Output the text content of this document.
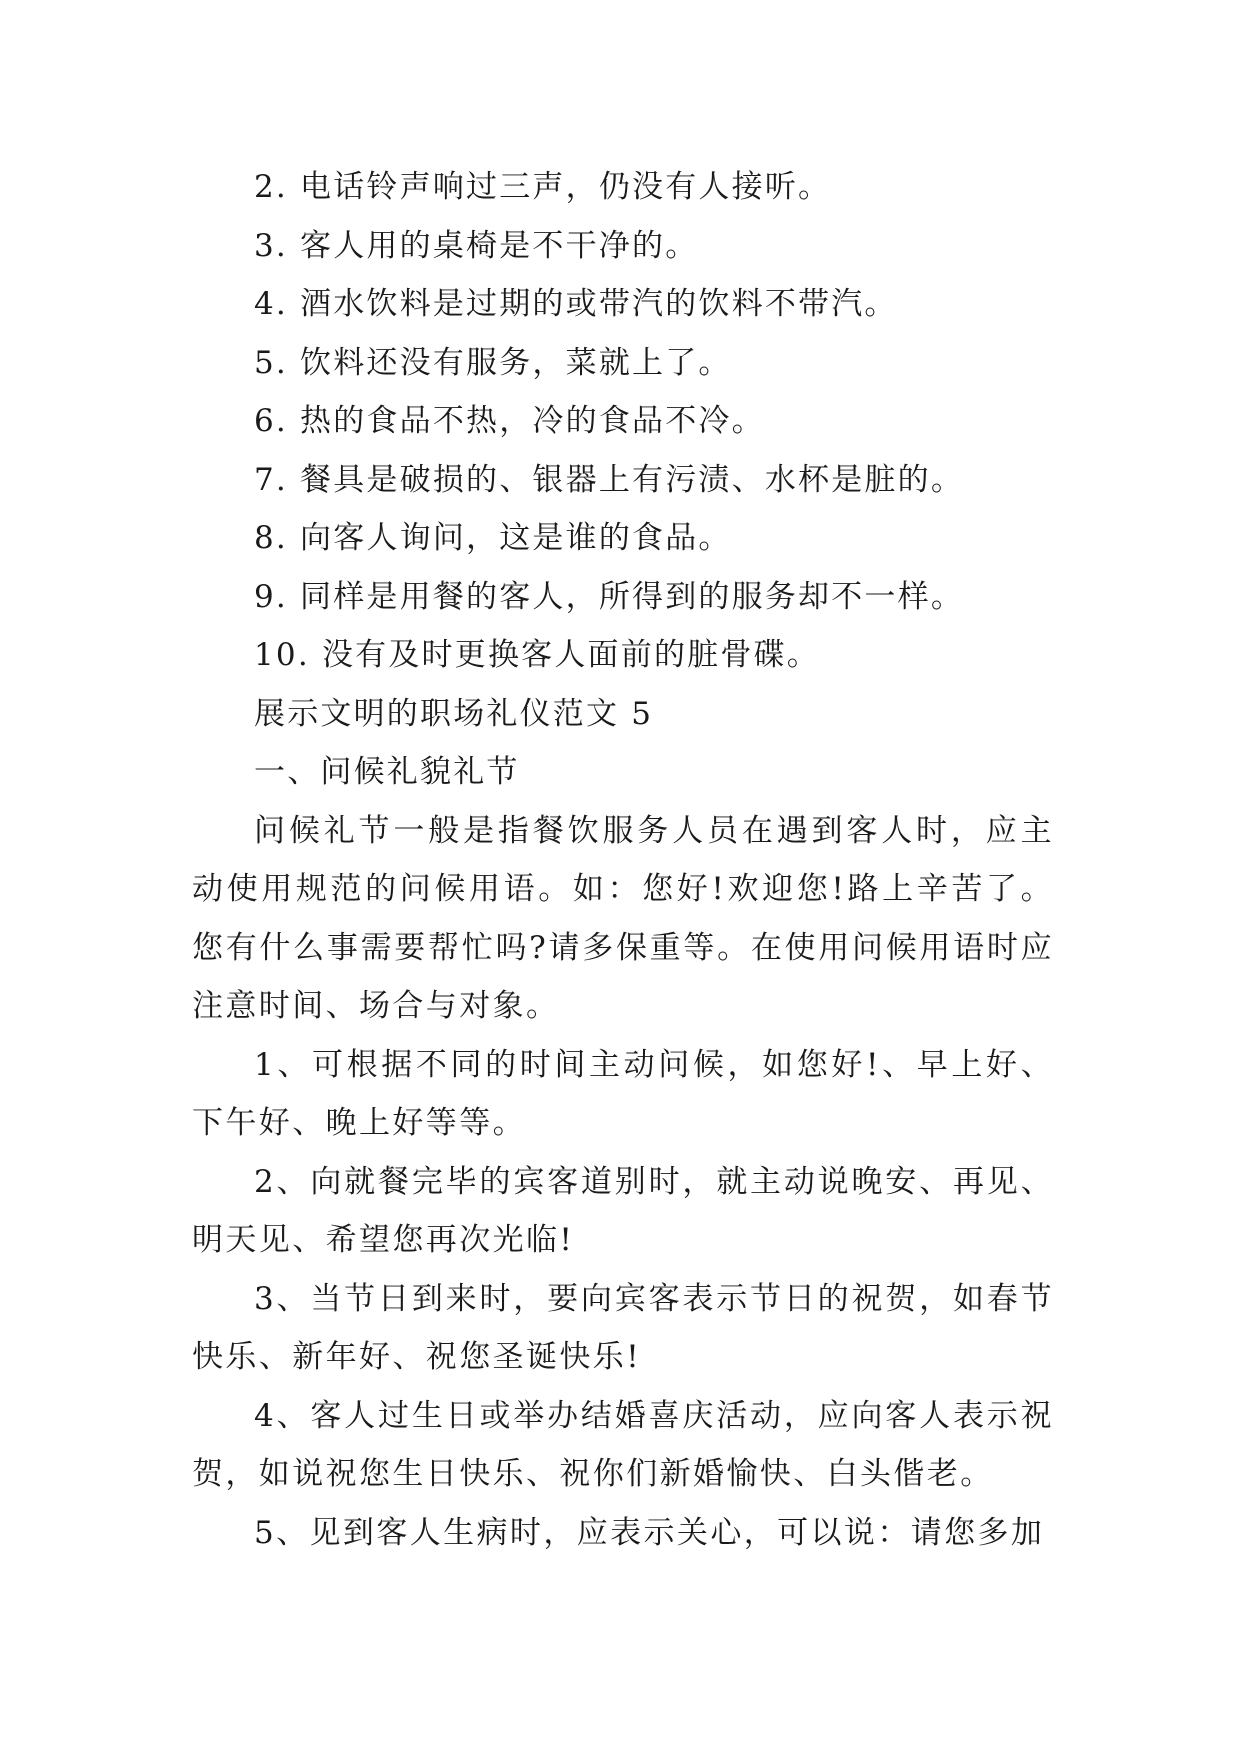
2. 电话铃声响过三声，仍没有人接听。
3. 客人用的桌椅是不干净的。
4. 酒水饮料是过期的或带汽的饮料不带汽。
5. 饮料还没有服务，菜就上了。
6. 热的食品不热，冷的食品不冷。
7. 餐具是破损的、银器上有污渍、水杯是脏的。
8. 向客人询问，这是谁的食品。
9. 同样是用餐的客人，所得到的服务却不一样。
10. 没有及时更换客人面前的脏骨碟。
展示文明的职场礼仪范文 5
一、问候礼貌礼节

问候礼节一般是指餐饮服务人员在遇到客人时，应主动使用规范的问候用语。如：您好!欢迎您!路上辛苦了。您有什么事需要帮忙吗?请多保重等。在使用问候用语时应注意时间、场合与对象。

1、可根据不同的时间主动问候，如您好!、早上好、下午好、晚上好等等。

2、向就餐完毕的宾客道别时，就主动说晚安、再见、明天见、希望您再次光临!

3、当节日到来时，要向宾客表示节日的祝贺，如春节快乐、新年好、祝您圣诞快乐!

4、客人过生日或举办结婚喜庆活动，应向客人表示祝贺，如说祝您生日快乐、祝你们新婚愉快、白头偕老。

5、见到客人生病时，应表示关心，可以说：请您多加
